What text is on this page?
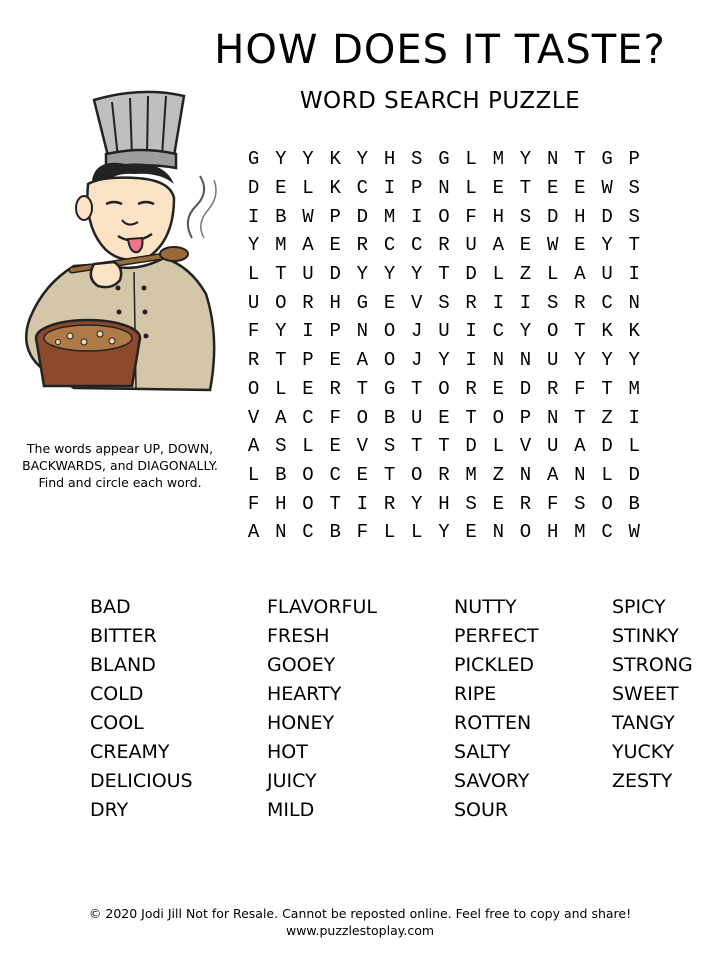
HOW DOES IT TASTE?
WORD SEARCH PUZZLE
The words appear UP, DOWN,
BACKWARDS, and DIAGONALLY.
Find and circle each word.
G Y Y K Y H S G L M Y N T G P
D E L K C I P N L E T E E W S
I B W P D M I O F H S D H D S
Y M A E R C C R U A E W E Y T
L T U D Y Y Y T D L Z L A U I
U O R H G E V S R I I S R C N
F Y I P N O J U I C Y O T K K
R T P E A O J Y I N N U Y Y Y
O L E R T G T O R E D R F T M
V A C F O B U E T O P N T Z I
A S L E V S T T D L V U A D L
L B O C E T O R M Z N A N L D
F H O T I R Y H S E R F S O B
A N C B F L L Y E N O H M C W
BAD
BITTER
BLAND
COLD
COOL
CREAMY
DELICIOUS
DRY
FLAVORFUL
FRESH
GOOEY
HEARTY
HONEY
HOT
JUICY
MILD
NUTTY
PERFECT
PICKLED
RIPE
ROTTEN
SALTY
SAVORY
SOUR
SPICY
STINKY
STRONG
SWEET
TANGY
YUCKY
ZESTY
© 2020 Jodi Jill Not for Resale. Cannot be reposted online. Feel free to copy and share!
www.puzzlestoplay.com
